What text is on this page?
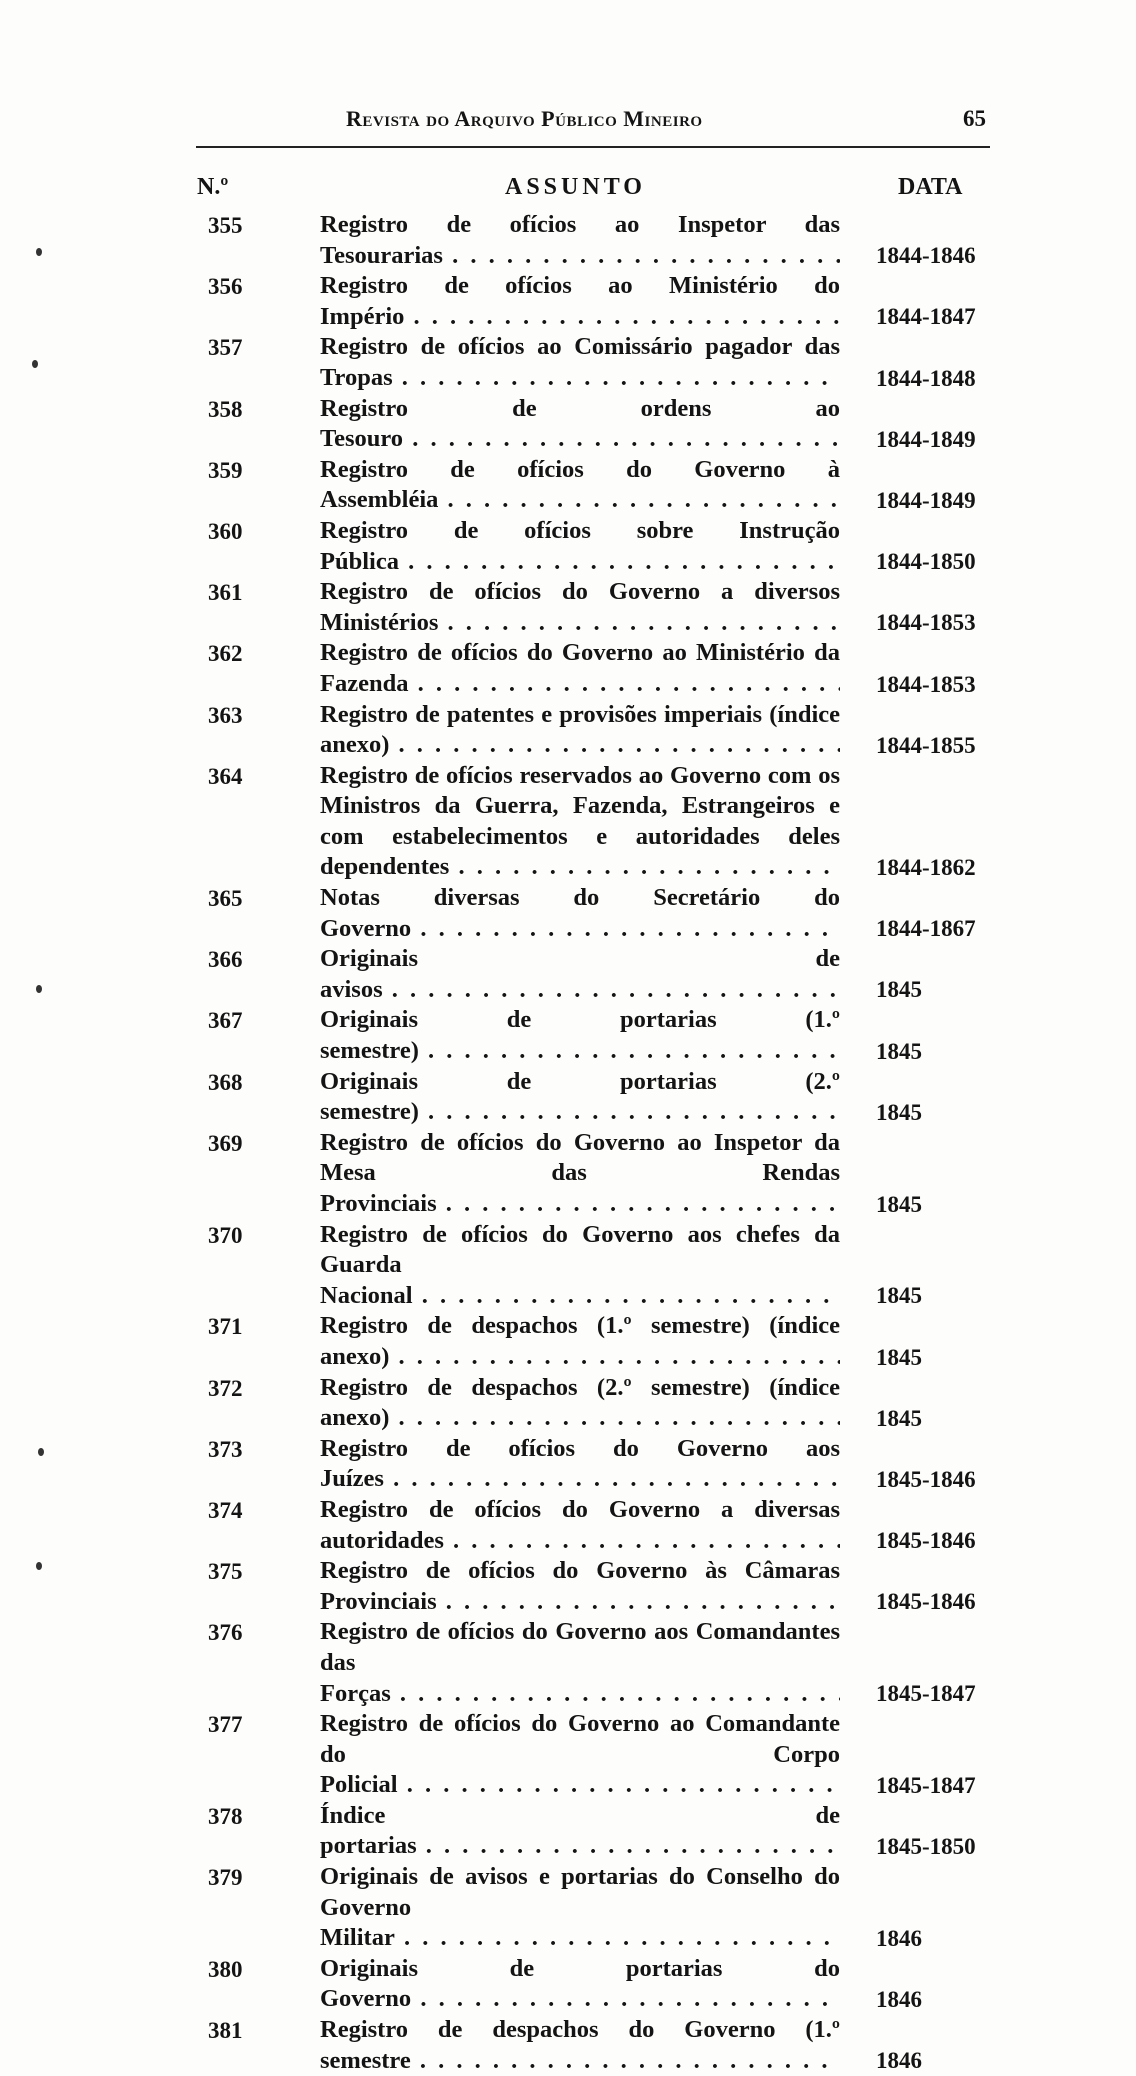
Revista do Arquivo Público Mineiro	65
N.º	ASSUNTO	DATA
355	Registro de ofícios ao Inspetor das Tesourarias . . .	1844-1846
356	Registro de ofícios ao Ministério do Império . . .	1844-1847
357	Registro de ofícios ao Comissário pagador das Tropas . . .	1844-1848
358	Registro de ordens ao Tesouro . . .	1844-1849
359	Registro de ofícios do Governo à Assembléia . . .	1844-1849
360	Registro de ofícios sobre Instrução Pública . . .	1844-1850
361	Registro de ofícios do Governo a diversos Ministérios . . .	1844-1853
362	Registro de ofícios do Governo ao Ministério da Fazenda . . .	1844-1853
363	Registro de patentes e provisões imperiais (índice anexo) . . .	1844-1855
364	Registro de ofícios reservados ao Governo com os Ministros da Guerra, Fazenda, Estrangeiros e com estabelecimentos e autoridades deles dependentes . . .	1844-1862
365	Notas diversas do Secretário do Governo . . .	1844-1867
366	Originais de avisos . . .	1845
367	Originais de portarias (1.º semestre) . . .	1845
368	Originais de portarias (2.º semestre) . . .	1845
369	Registro de ofícios do Governo ao Inspetor da Mesa das Rendas Provinciais . . .	1845
370	Registro de ofícios do Governo aos chefes da Guarda Nacional . . .	1845
371	Registro de despachos (1.º semestre) (índice anexo) . . .	1845
372	Registro de despachos (2.º semestre) (índice anexo) . . .	1845
373	Registro de ofícios do Governo aos Juízes . . .	1845-1846
374	Registro de ofícios do Governo a diversas autoridades . . .	1845-1846
375	Registro de ofícios do Governo às Câmaras Provinciais . . .	1845-1846
376	Registro de ofícios do Governo aos Comandantes das Forças . . .	1845-1847
377	Registro de ofícios do Governo ao Comandante do Corpo Policial . . .	1845-1847
378	Índice de portarias . . .	1845-1850
379	Originais de avisos e portarias do Conselho do Governo Militar . . .	1846
380	Originais de portarias do Governo . . .	1846
381	Registro de despachos do Governo (1.º semestre . . .	1846
